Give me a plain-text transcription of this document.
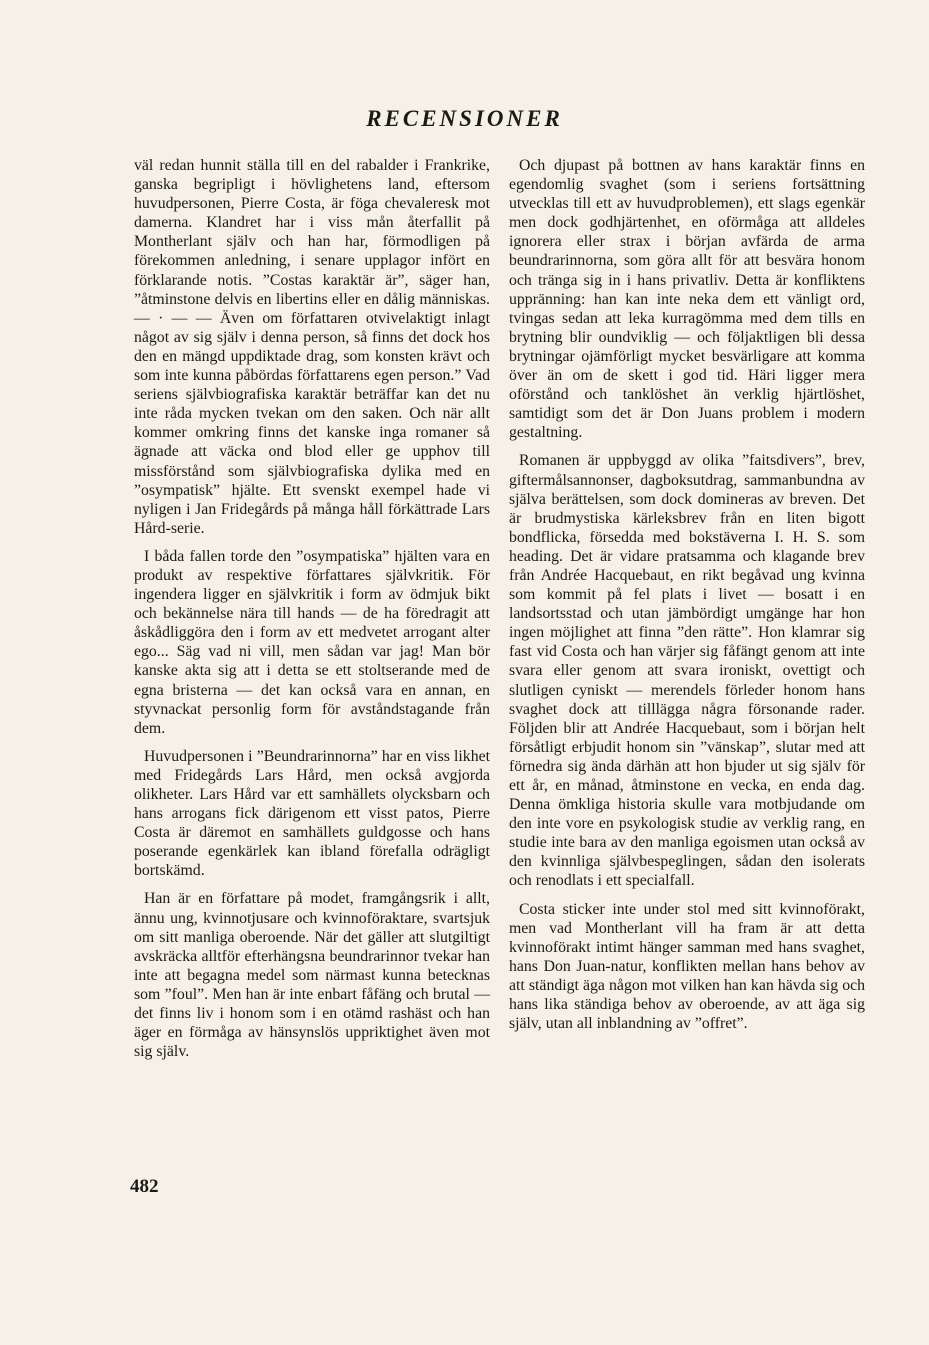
RECENSIONER

väl redan hunnit ställa till en del rabalder i Frankrike, ganska begripligt i hövlighetens land, eftersom huvudpersonen, Pierre Costa, är föga chevaleresk mot damerna. Klandret har i viss mån återfallit på Montherlant själv och han har, förmodligen på förekommen anledning, i senare upplagor infört en förklarande notis. ”Costas karaktär är”, säger han, ”åtminstone delvis en libertins eller en dålig människas. — · — — Även om författaren otvivelaktigt inlagt något av sig själv i denna person, så finns det dock hos den en mängd uppdiktade drag, som konsten krävt och som inte kunna påbördas författarens egen person.” Vad seriens självbiografiska karaktär beträffar kan det nu inte råda mycken tvekan om den saken. Och när allt kommer omkring finns det kanske inga romaner så ägnade att väcka ond blod eller ge upphov till missförstånd som självbiografiska dylika med en ”osympatisk” hjälte. Ett svenskt exempel hade vi nyligen i Jan Fridegårds på många håll förkättrade Lars Hård-serie.

I båda fallen torde den ”osympatiska” hjälten vara en produkt av respektive författares självkritik. För ingendera ligger en självkritik i form av ödmjuk bikt och bekännelse nära till hands — de ha föredragit att åskådliggöra den i form av ett medvetet arrogant alter ego... Säg vad ni vill, men sådan var jag! Man bör kanske akta sig att i detta se ett stoltserande med de egna bristerna — det kan också vara en annan, en styvnackat personlig form för avståndstagande från dem.

Huvudpersonen i ”Beundrarinnorna” har en viss likhet med Fridegårds Lars Hård, men också avgjorda olikheter. Lars Hård var ett samhällets olycksbarn och hans arrogans fick därigenom ett visst patos, Pierre Costa är däremot en samhällets guldgosse och hans poserande egenkärlek kan ibland förefalla odrägligt bortskämd.

Han är en författare på modet, framgångsrik i allt, ännu ung, kvinnotjusare och kvinnoföraktare, svartsjuk om sitt manliga oberoende. När det gäller att slutgiltigt avskräcka alltför efterhängsna beundrarinnor tvekar han inte att begagna medel som närmast kunna betecknas som ”foul”. Men han är inte enbart fåfäng och brutal — det finns liv i honom som i en otämd rashäst och han äger en förmåga av hänsynslös uppriktighet även mot sig själv.

Och djupast på bottnen av hans karaktär finns en egendomlig svaghet (som i seriens fortsättning utvecklas till ett av huvudproblemen), ett slags egenkär men dock godhjärtenhet, en oförmåga att alldeles ignorera eller strax i början avfärda de arma beundrarinnorna, som göra allt för att besvära honom och tränga sig in i hans privatliv. Detta är konfliktens uppränning: han kan inte neka dem ett vänligt ord, tvingas sedan att leka kurragömma med dem tills en brytning blir oundviklig — och följaktligen bli dessa brytningar ojämförligt mycket besvärligare att komma över än om de skett i god tid. Häri ligger mera oförstånd och tanklöshet än verklig hjärtlöshet, samtidigt som det är Don Juans problem i modern gestaltning.

Romanen är uppbyggd av olika ”faitsdivers”, brev, giftermålsannonser, dagboksutdrag, sammanbundna av själva berättelsen, som dock domineras av breven. Det är brudmystiska kärleksbrev från en liten bigott bondflicka, försedda med bokstäverna I. H. S. som heading. Det är vidare pratsamma och klagande brev från Andrée Hacquebaut, en rikt begåvad ung kvinna som kommit på fel plats i livet — bosatt i en landsortsstad och utan jämbördigt umgänge har hon ingen möjlighet att finna ”den rätte”. Hon klamrar sig fast vid Costa och han värjer sig fåfängt genom att inte svara eller genom att svara ironiskt, ovettigt och slutligen cyniskt — merendels förleder honom hans svaghet dock att tilllägga några försonande rader. Följden blir att Andrée Hacquebaut, som i början helt försåtligt erbjudit honom sin ”vänskap”, slutar med att förnedra sig ända därhän att hon bjuder ut sig själv för ett år, en månad, åtminstone en vecka, en enda dag. Denna ömkliga historia skulle vara motbjudande om den inte vore en psykologisk studie av verklig rang, en studie inte bara av den manliga egoismen utan också av den kvinnliga självbespeglingen, sådan den isolerats och renodlats i ett specialfall.

Costa sticker inte under stol med sitt kvinnoförakt, men vad Montherlant vill ha fram är att detta kvinnoförakt intimt hänger samman med hans svaghet, hans Don Juan-natur, konflikten mellan hans behov av att ständigt äga någon mot vilken han kan hävda sig och hans lika ständiga behov av oberoende, av att äga sig själv, utan all inblandning av ”offret”.

482
